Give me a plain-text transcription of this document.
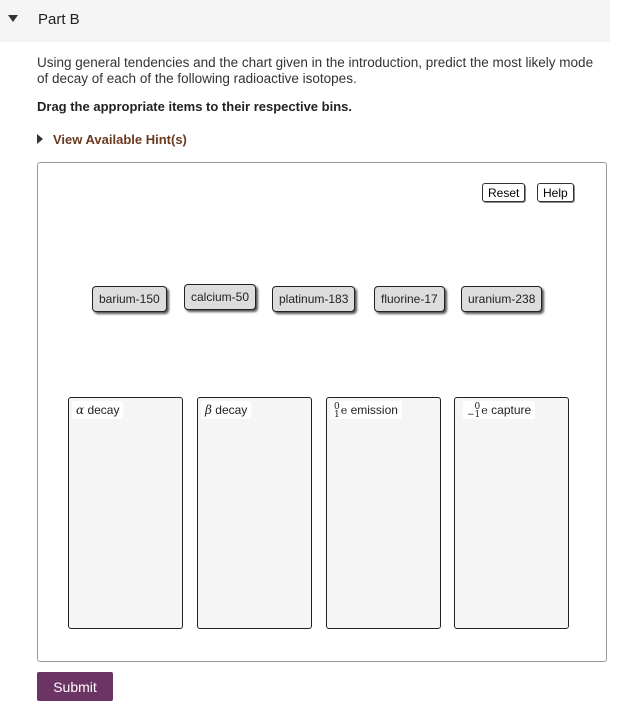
Part B
Using general tendencies and the chart given in the introduction, predict the most likely mode of decay of each of the following radioactive isotopes.
Drag the appropriate items to their respective bins.
View Available Hint(s)
Reset	Help
barium-150	calcium-50	platinum-183	fluorine-17	uranium-238
α decay	β decay	0
1e emission	0
−1e capture
Submit
